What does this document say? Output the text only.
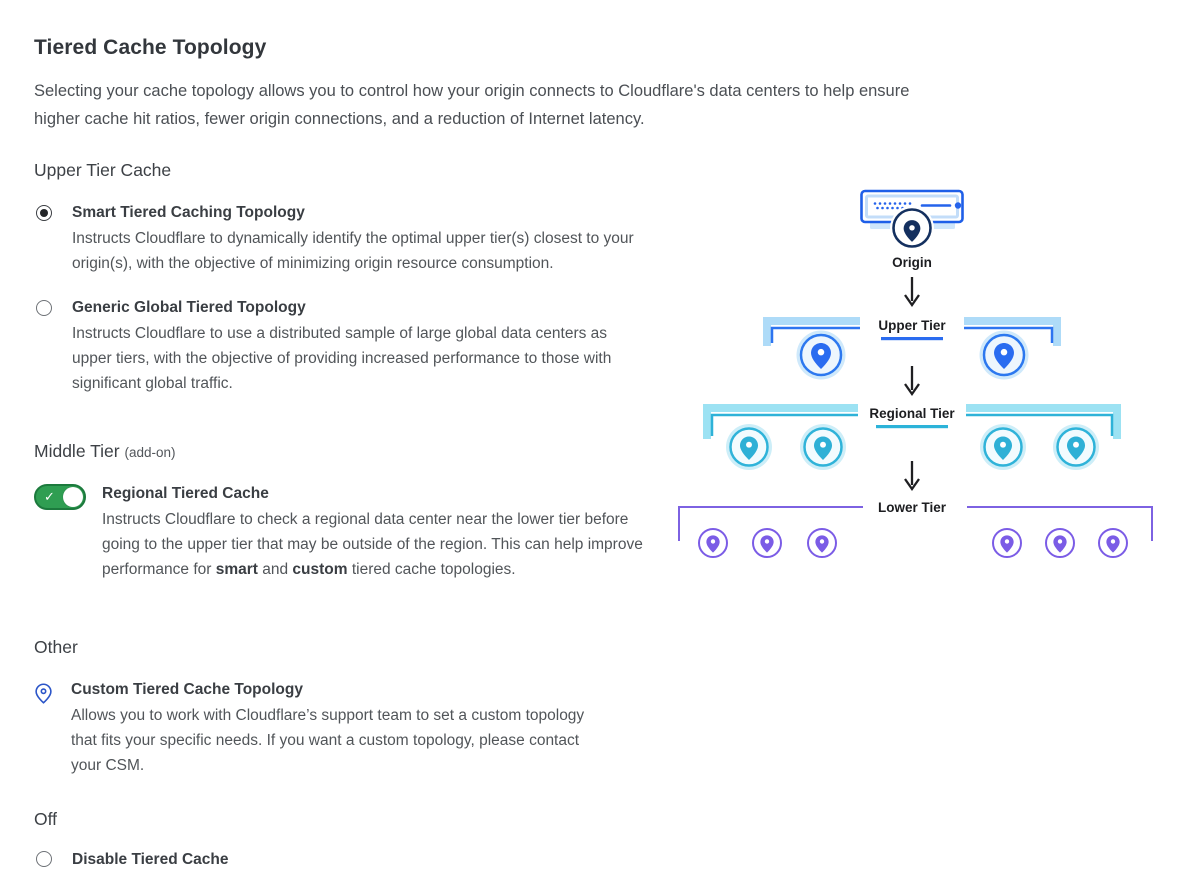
Tiered Cache Topology

Selecting your cache topology allows you to control how your origin connects to Cloudflare's data centers to help ensure higher cache hit ratios, fewer origin connections, and a reduction of Internet latency.

Upper Tier Cache
Smart Tiered Caching Topology
Instructs Cloudflare to dynamically identify the optimal upper tier(s) closest to your origin(s), with the objective of minimizing origin resource consumption.
Generic Global Tiered Topology
Instructs Cloudflare to use a distributed sample of large global data centers as upper tiers, with the objective of providing increased performance to those with significant global traffic.
Middle Tier (add-on)
✓	Regional Tiered Cache
Instructs Cloudflare to check a regional data center near the lower tier before going to the upper tier that may be outside of the region. This can help improve performance for smart and custom tiered cache topologies.
Other
Custom Tiered Cache Topology
Allows you to work with Cloudflare’s support team to set a custom topology that fits your specific needs. If you want a custom topology, please contact your CSM.
Off
Disable Tiered Cache
Origin
Upper Tier
Regional Tier
Lower Tier
